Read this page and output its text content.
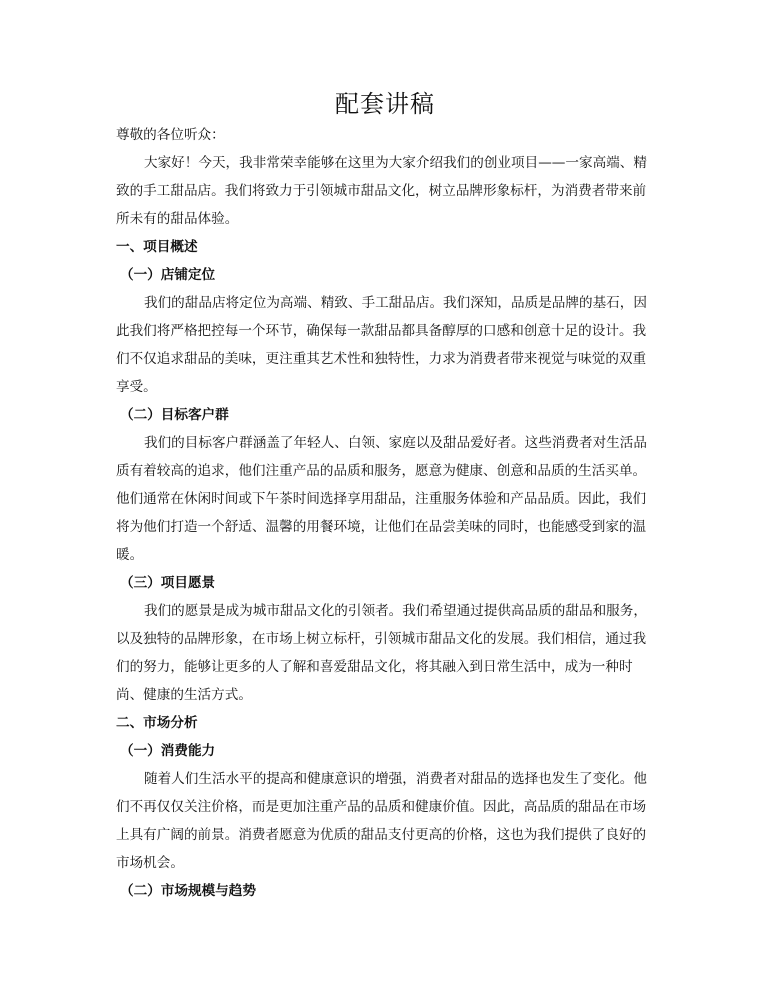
配套讲稿
尊敬的各位听众：
大家好！今天，我非常荣幸能够在这里为大家介绍我们的创业项目——一家高端、精
致的手工甜品店。我们将致力于引领城市甜品文化，树立品牌形象标杆，为消费者带来前
所未有的甜品体验。
一、项目概述
（一）店铺定位
我们的甜品店将定位为高端、精致、手工甜品店。我们深知，品质是品牌的基石，因
此我们将严格把控每一个环节，确保每一款甜品都具备醇厚的口感和创意十足的设计。我
们不仅追求甜品的美味，更注重其艺术性和独特性，力求为消费者带来视觉与味觉的双重
享受。
（二）目标客户群
我们的目标客户群涵盖了年轻人、白领、家庭以及甜品爱好者。这些消费者对生活品
质有着较高的追求，他们注重产品的品质和服务，愿意为健康、创意和品质的生活买单。
他们通常在休闲时间或下午茶时间选择享用甜品，注重服务体验和产品品质。因此，我们
将为他们打造一个舒适、温馨的用餐环境，让他们在品尝美味的同时，也能感受到家的温
暖。
（三）项目愿景
我们的愿景是成为城市甜品文化的引领者。我们希望通过提供高品质的甜品和服务，
以及独特的品牌形象，在市场上树立标杆，引领城市甜品文化的发展。我们相信，通过我
们的努力，能够让更多的人了解和喜爱甜品文化，将其融入到日常生活中，成为一种时
尚、健康的生活方式。
二、市场分析
（一）消费能力
随着人们生活水平的提高和健康意识的增强，消费者对甜品的选择也发生了变化。他
们不再仅仅关注价格，而是更加注重产品的品质和健康价值。因此，高品质的甜品在市场
上具有广阔的前景。消费者愿意为优质的甜品支付更高的价格，这也为我们提供了良好的
市场机会。
（二）市场规模与趋势
